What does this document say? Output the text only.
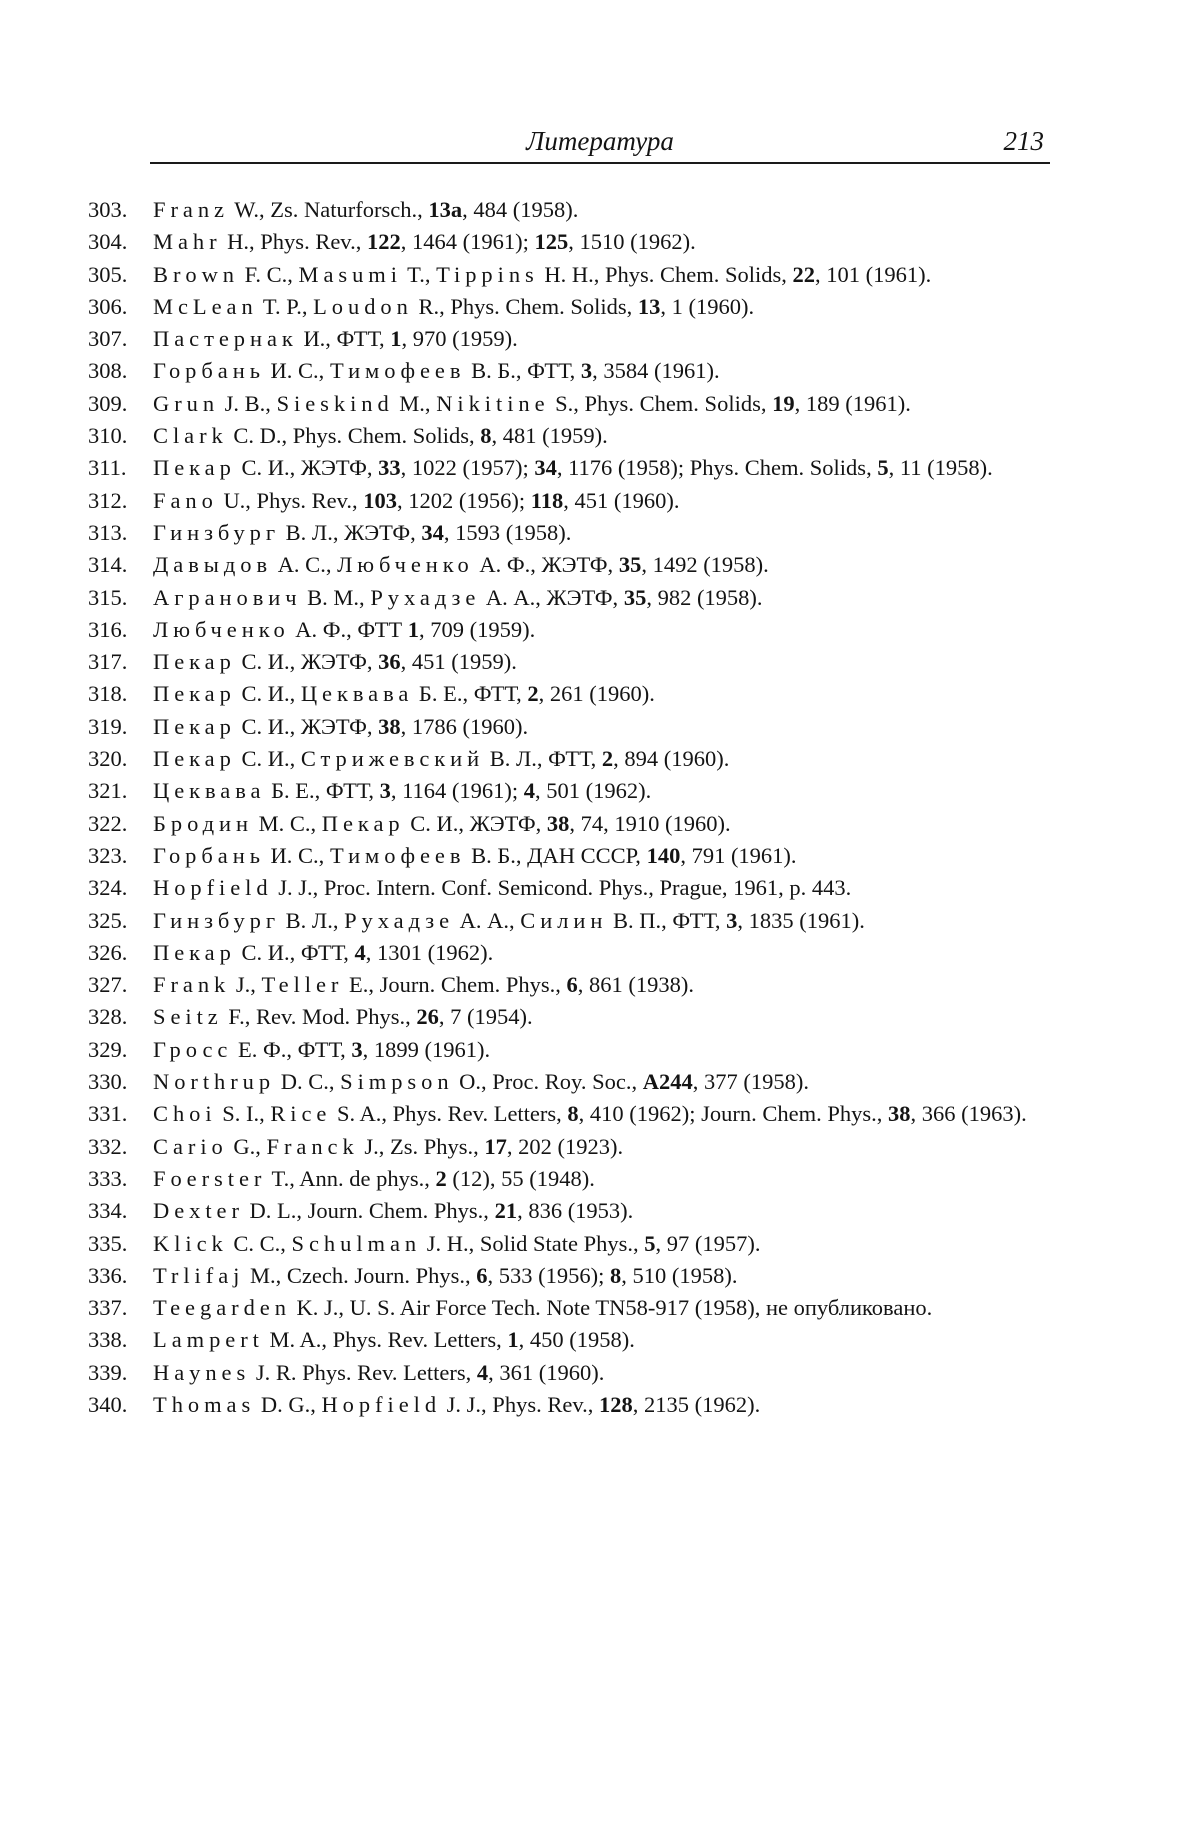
Литература	213
303.	Franz W., Zs. Naturforsch., 13a, 484 (1958).
304.	Mahr H., Phys. Rev., 122, 1464 (1961); 125, 1510 (1962).
305.	Brown F. C., Masumi T., Tippins H. H., Phys. Chem. Solids, 22, 101 (1961).
306.	McLean T. P., Loudon R., Phys. Chem. Solids, 13, 1 (1960).
307.	Пастернак И., ФТТ, 1, 970 (1959).
308.	Горбань И. С., Тимофеев В. Б., ФТТ, 3, 3584 (1961).
309.	Grun J. B., Sieskind M., Nikitine S., Phys. Chem. Solids, 19, 189 (1961).
310.	Clark C. D., Phys. Chem. Solids, 8, 481 (1959).
311.	Пекар С. И., ЖЭТФ, 33, 1022 (1957); 34, 1176 (1958); Phys. Chem. Solids, 5, 11 (1958).
312.	Fano U., Phys. Rev., 103, 1202 (1956); 118, 451 (1960).
313.	Гинзбург В. Л., ЖЭТФ, 34, 1593 (1958).
314.	Давыдов А. С., Любченко А. Ф., ЖЭТФ, 35, 1492 (1958).
315.	Агранович В. М., Рухадзе А. А., ЖЭТФ, 35, 982 (1958).
316.	Любченко А. Ф., ФТТ 1, 709 (1959).
317.	Пекар С. И., ЖЭТФ, 36, 451 (1959).
318.	Пекар С. И., Цеквава Б. Е., ФТТ, 2, 261 (1960).
319.	Пекар С. И., ЖЭТФ, 38, 1786 (1960).
320.	Пекар С. И., Стрижевский В. Л., ФТТ, 2, 894 (1960).
321.	Цеквава Б. Е., ФТТ, 3, 1164 (1961); 4, 501 (1962).
322.	Бродин М. С., Пекар С. И., ЖЭТФ, 38, 74, 1910 (1960).
323.	Горбань И. С., Тимофеев В. Б., ДАН СССР, 140, 791 (1961).
324.	Hopfield J. J., Proc. Intern. Conf. Semicond. Phys., Prague, 1961, p. 443.
325.	Гинзбург В. Л., Рухадзе А. А., Силин В. П., ФТТ, 3, 1835 (1961).
326.	Пекар С. И., ФТТ, 4, 1301 (1962).
327.	Frank J., Teller E., Journ. Chem. Phys., 6, 861 (1938).
328.	Seitz F., Rev. Mod. Phys., 26, 7 (1954).
329.	Гросс Е. Ф., ФТТ, 3, 1899 (1961).
330.	Northrup D. C., Simpson O., Proc. Roy. Soc., A244, 377 (1958).
331.	Choi S. I., Rice S. A., Phys. Rev. Letters, 8, 410 (1962); Journ. Chem. Phys., 38, 366 (1963).
332.	Cario G., Franck J., Zs. Phys., 17, 202 (1923).
333.	Foerster T., Ann. de phys., 2 (12), 55 (1948).
334.	Dexter D. L., Journ. Chem. Phys., 21, 836 (1953).
335.	Klick C. C., Schulman J. H., Solid State Phys., 5, 97 (1957).
336.	Trlifaj M., Czech. Journ. Phys., 6, 533 (1956); 8, 510 (1958).
337.	Teegarden K. J., U. S. Air Force Tech. Note TN58-917 (1958), не опубликовано.
338.	Lampert M. A., Phys. Rev. Letters, 1, 450 (1958).
339.	Haynes J. R. Phys. Rev. Letters, 4, 361 (1960).
340.	Thomas D. G., Hopfield J. J., Phys. Rev., 128, 2135 (1962).
